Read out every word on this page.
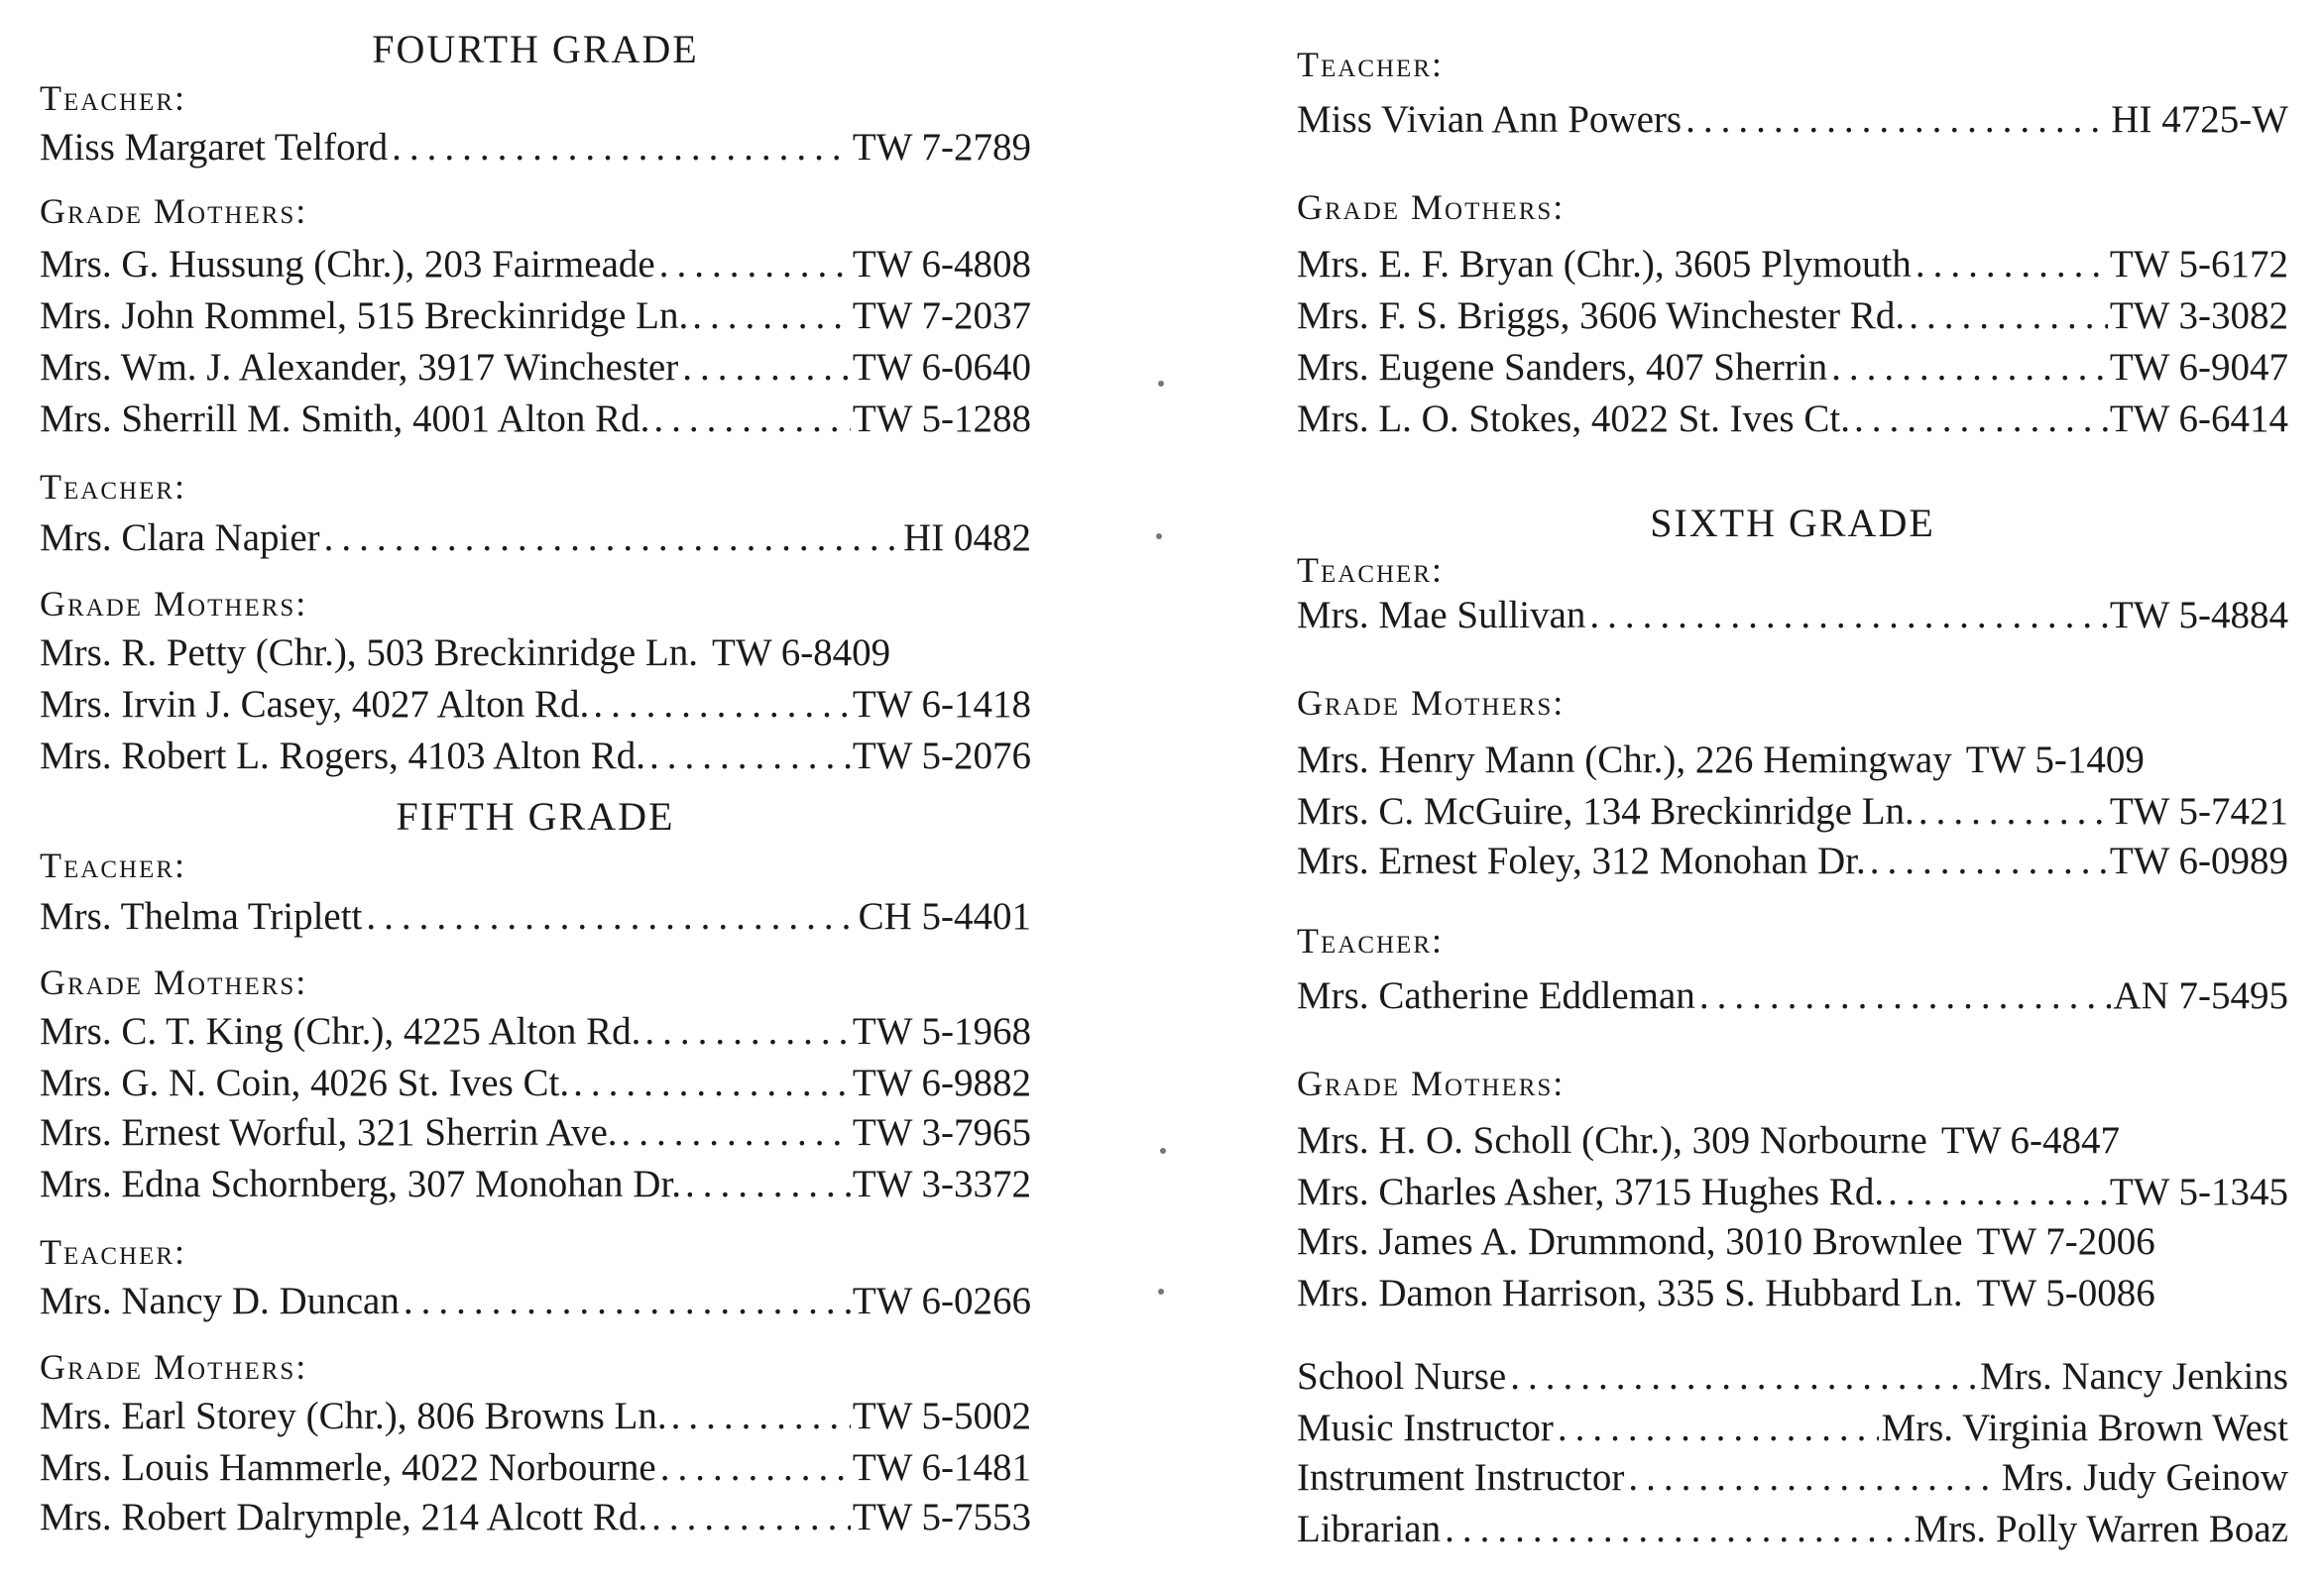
FOURTH GRADE
Teacher:
Miss Margaret Telford .....	TW 7-2789
Grade Mothers:
Mrs. G. Hussung (Chr.), 203 Fairmeade .....	TW 6-4808
Mrs. John Rommel, 515 Breckinridge Ln. .....	TW 7-2037
Mrs. Wm. J. Alexander, 3917 Winchester .....	TW 6-0640
Mrs. Sherrill M. Smith, 4001 Alton Rd. .....	TW 5-1288
Teacher:
Mrs. Clara Napier .....	HI 0482
Grade Mothers:
Mrs. R. Petty (Chr.), 503 Breckinridge Ln. TW 6-8409
Mrs. Irvin J. Casey, 4027 Alton Rd. .....	TW 6-1418
Mrs. Robert L. Rogers, 4103 Alton Rd. .....	TW 5-2076
FIFTH GRADE
Teacher:
Mrs. Thelma Triplett .....	CH 5-4401
Grade Mothers:
Mrs. C. T. King (Chr.), 4225 Alton Rd. .....	TW 5-1968
Mrs. G. N. Coin, 4026 St. Ives Ct. .....	TW 6-9882
Mrs. Ernest Worful, 321 Sherrin Ave. .....	TW 3-7965
Mrs. Edna Schornberg, 307 Monohan Dr. .....	TW 3-3372
Teacher:
Mrs. Nancy D. Duncan .....	TW 6-0266
Grade Mothers:
Mrs. Earl Storey (Chr.), 806 Browns Ln. .....	TW 5-5002
Mrs. Louis Hammerle, 4022 Norbourne .....	TW 6-1481
Mrs. Robert Dalrymple, 214 Alcott Rd. .....	TW 5-7553
Teacher:
Miss Vivian Ann Powers .....	HI 4725-W
Grade Mothers:
Mrs. E. F. Bryan (Chr.), 3605 Plymouth .....	TW 5-6172
Mrs. F. S. Briggs, 3606 Winchester Rd. .....	TW 3-3082
Mrs. Eugene Sanders, 407 Sherrin .....	TW 6-9047
Mrs. L. O. Stokes, 4022 St. Ives Ct. .....	TW 6-6414
SIXTH GRADE
Teacher:
Mrs. Mae Sullivan .....	TW 5-4884
Grade Mothers:
Mrs. Henry Mann (Chr.), 226 Hemingway TW 5-1409
Mrs. C. McGuire, 134 Breckinridge Ln. .....	TW 5-7421
Mrs. Ernest Foley, 312 Monohan Dr. .....	TW 6-0989
Teacher:
Mrs. Catherine Eddleman .....	AN 7-5495
Grade Mothers:
Mrs. H. O. Scholl (Chr.), 309 Norbourne TW 6-4847
Mrs. Charles Asher, 3715 Hughes Rd. .....	TW 5-1345
Mrs. James A. Drummond, 3010 Brownlee TW 7-2006
Mrs. Damon Harrison, 335 S. Hubbard Ln. TW 5-0086
School Nurse .....	Mrs. Nancy Jenkins
Music Instructor .....	Mrs. Virginia Brown West
Instrument Instructor .....	Mrs. Judy Geinow
Librarian .....	Mrs. Polly Warren Boaz
